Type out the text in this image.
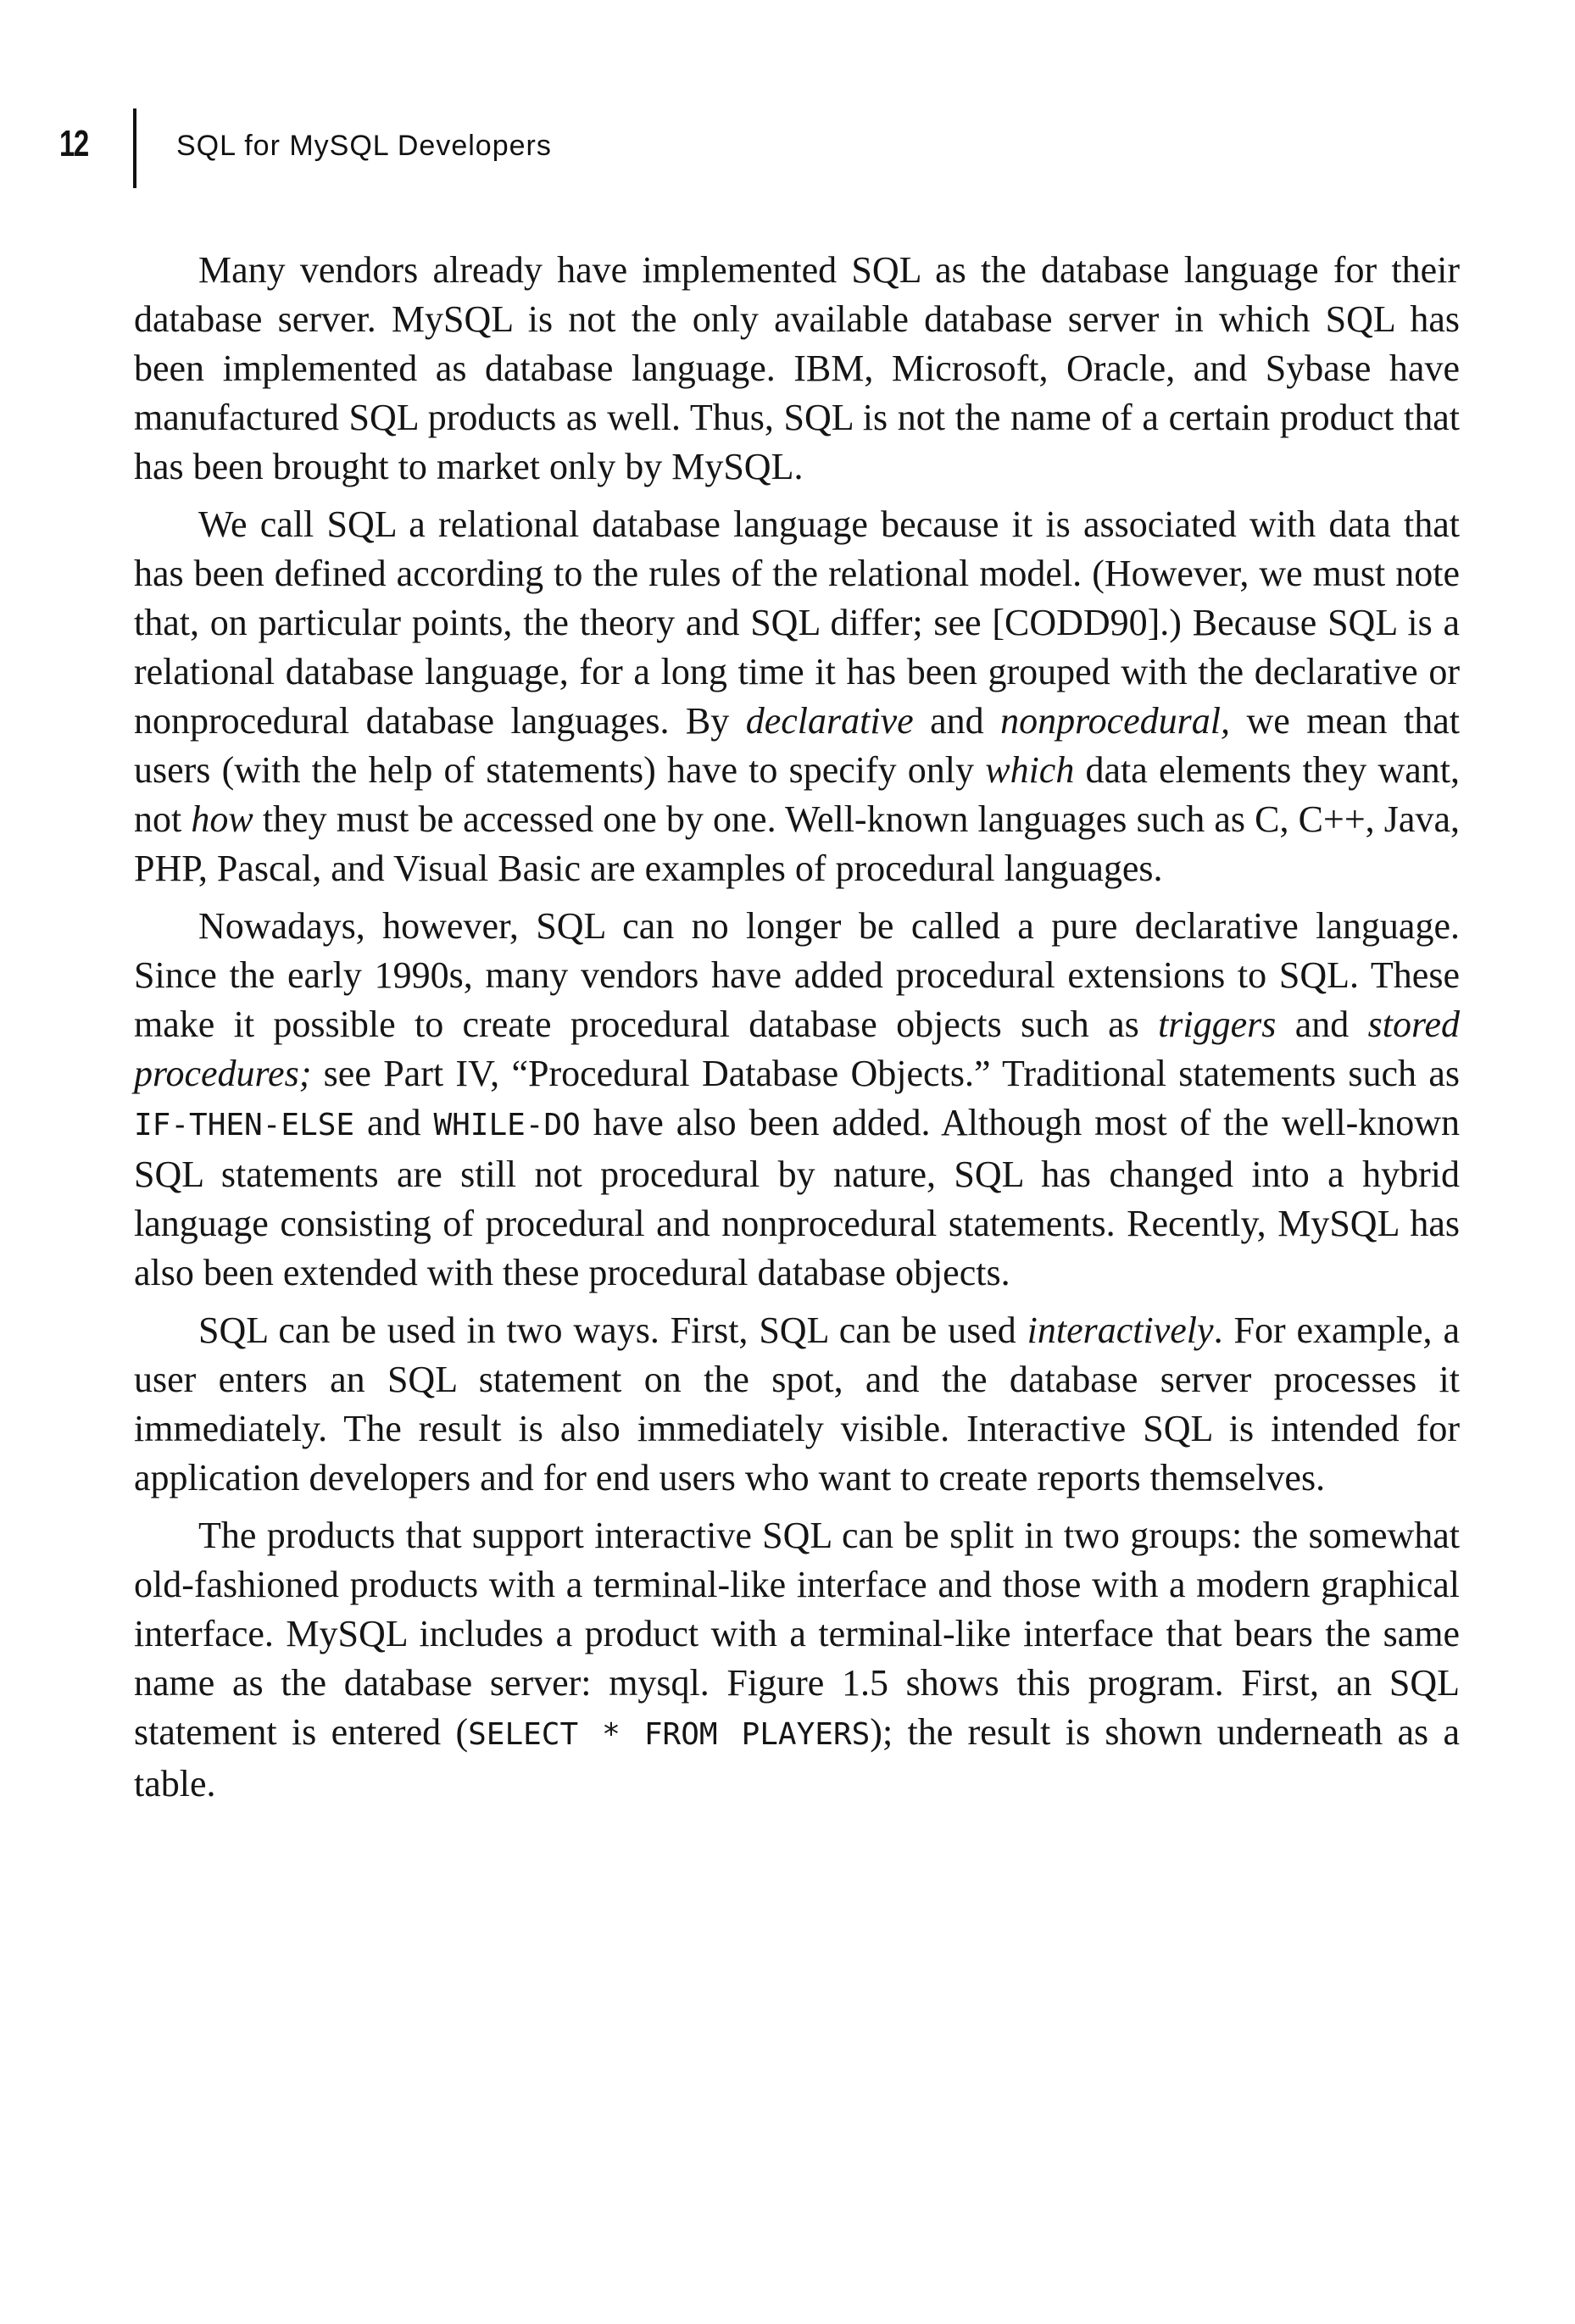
12	SQL for MySQL Developers

Many vendors already have implemented SQL as the database language for their database server. MySQL is not the only available database server in which SQL has been implemented as database language. IBM, Microsoft, Oracle, and Sybase have manufactured SQL products as well. Thus, SQL is not the name of a certain product that has been brought to market only by MySQL.

We call SQL a relational database language because it is associated with data that has been defined according to the rules of the relational model. (However, we must note that, on particular points, the theory and SQL differ; see [CODD90].) Because SQL is a relational database language, for a long time it has been grouped with the declarative or nonprocedural database languages. By declarative and nonprocedural, we mean that users (with the help of statements) have to specify only which data elements they want, not how they must be accessed one by one. Well-known languages such as C, C++, Java, PHP, Pascal, and Visual Basic are examples of procedural languages.

Nowadays, however, SQL can no longer be called a pure declarative language. Since the early 1990s, many vendors have added procedural extensions to SQL. These make it possible to create procedural database objects such as triggers and stored procedures; see Part IV, “Procedural Database Objects.” Traditional statements such as IF-THEN-ELSE and WHILE-DO have also been added. Although most of the well-known SQL statements are still not procedural by nature, SQL has changed into a hybrid language consisting of procedural and nonprocedural statements. Recently, MySQL has also been extended with these procedural database objects.

SQL can be used in two ways. First, SQL can be used interactively. For example, a user enters an SQL statement on the spot, and the database server processes it immediately. The result is also immediately visible. Interactive SQL is intended for application developers and for end users who want to create reports themselves.

The products that support interactive SQL can be split in two groups: the somewhat old-fashioned products with a terminal-like interface and those with a modern graphical interface. MySQL includes a product with a terminal-like interface that bears the same name as the database server: mysql. Figure 1.5 shows this program. First, an SQL statement is entered (SELECT * FROM PLAYERS); the result is shown underneath as a table.
